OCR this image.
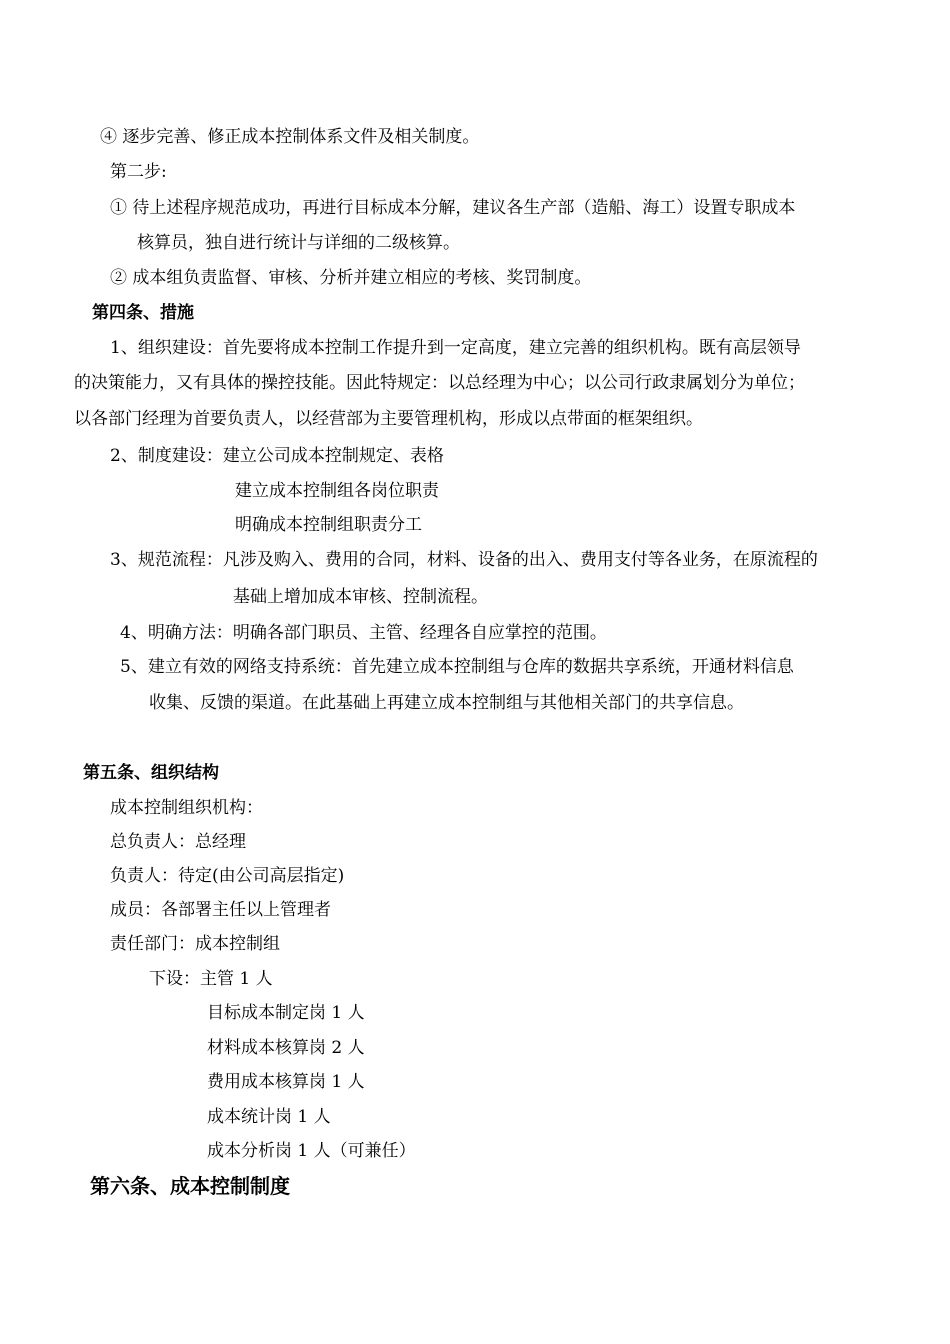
④ 逐步完善、修正成本控制体系文件及相关制度。

第二步:

① 待上述程序规范成功，再进行目标成本分解，建议各生产部（造船、海工）设置专职成本

核算员，独自进行统计与详细的二级核算。

② 成本组负责监督、审核、分析并建立相应的考核、奖罚制度。

第四条、措施

1、组织建设：首先要将成本控制工作提升到一定高度，建立完善的组织机构。既有高层领导

的决策能力，又有具体的操控技能。因此特规定：以总经理为中心；以公司行政隶属划分为单位；

以各部门经理为首要负责人，以经营部为主要管理机构，形成以点带面的框架组织。

2、制度建设：建立公司成本控制规定、表格

建立成本控制组各岗位职责

明确成本控制组职责分工

3、规范流程：凡涉及购入、费用的合同，材料、设备的出入、费用支付等各业务，在原流程的

基础上增加成本审核、控制流程。

4、明确方法：明确各部门职员、主管、经理各自应掌控的范围。

5、建立有效的网络支持系统：首先建立成本控制组与仓库的数据共享系统，开通材料信息

收集、反馈的渠道。在此基础上再建立成本控制组与其他相关部门的共享信息。

第五条、组织结构

成本控制组织机构：

总负责人：总经理

负责人：待定(由公司高层指定)

成员：各部署主任以上管理者

责任部门：成本控制组

下设：主管 1 人

目标成本制定岗 1 人

材料成本核算岗 2 人

费用成本核算岗 1 人

成本统计岗 1 人

成本分析岗 1 人（可兼任）

第六条、成本控制制度
